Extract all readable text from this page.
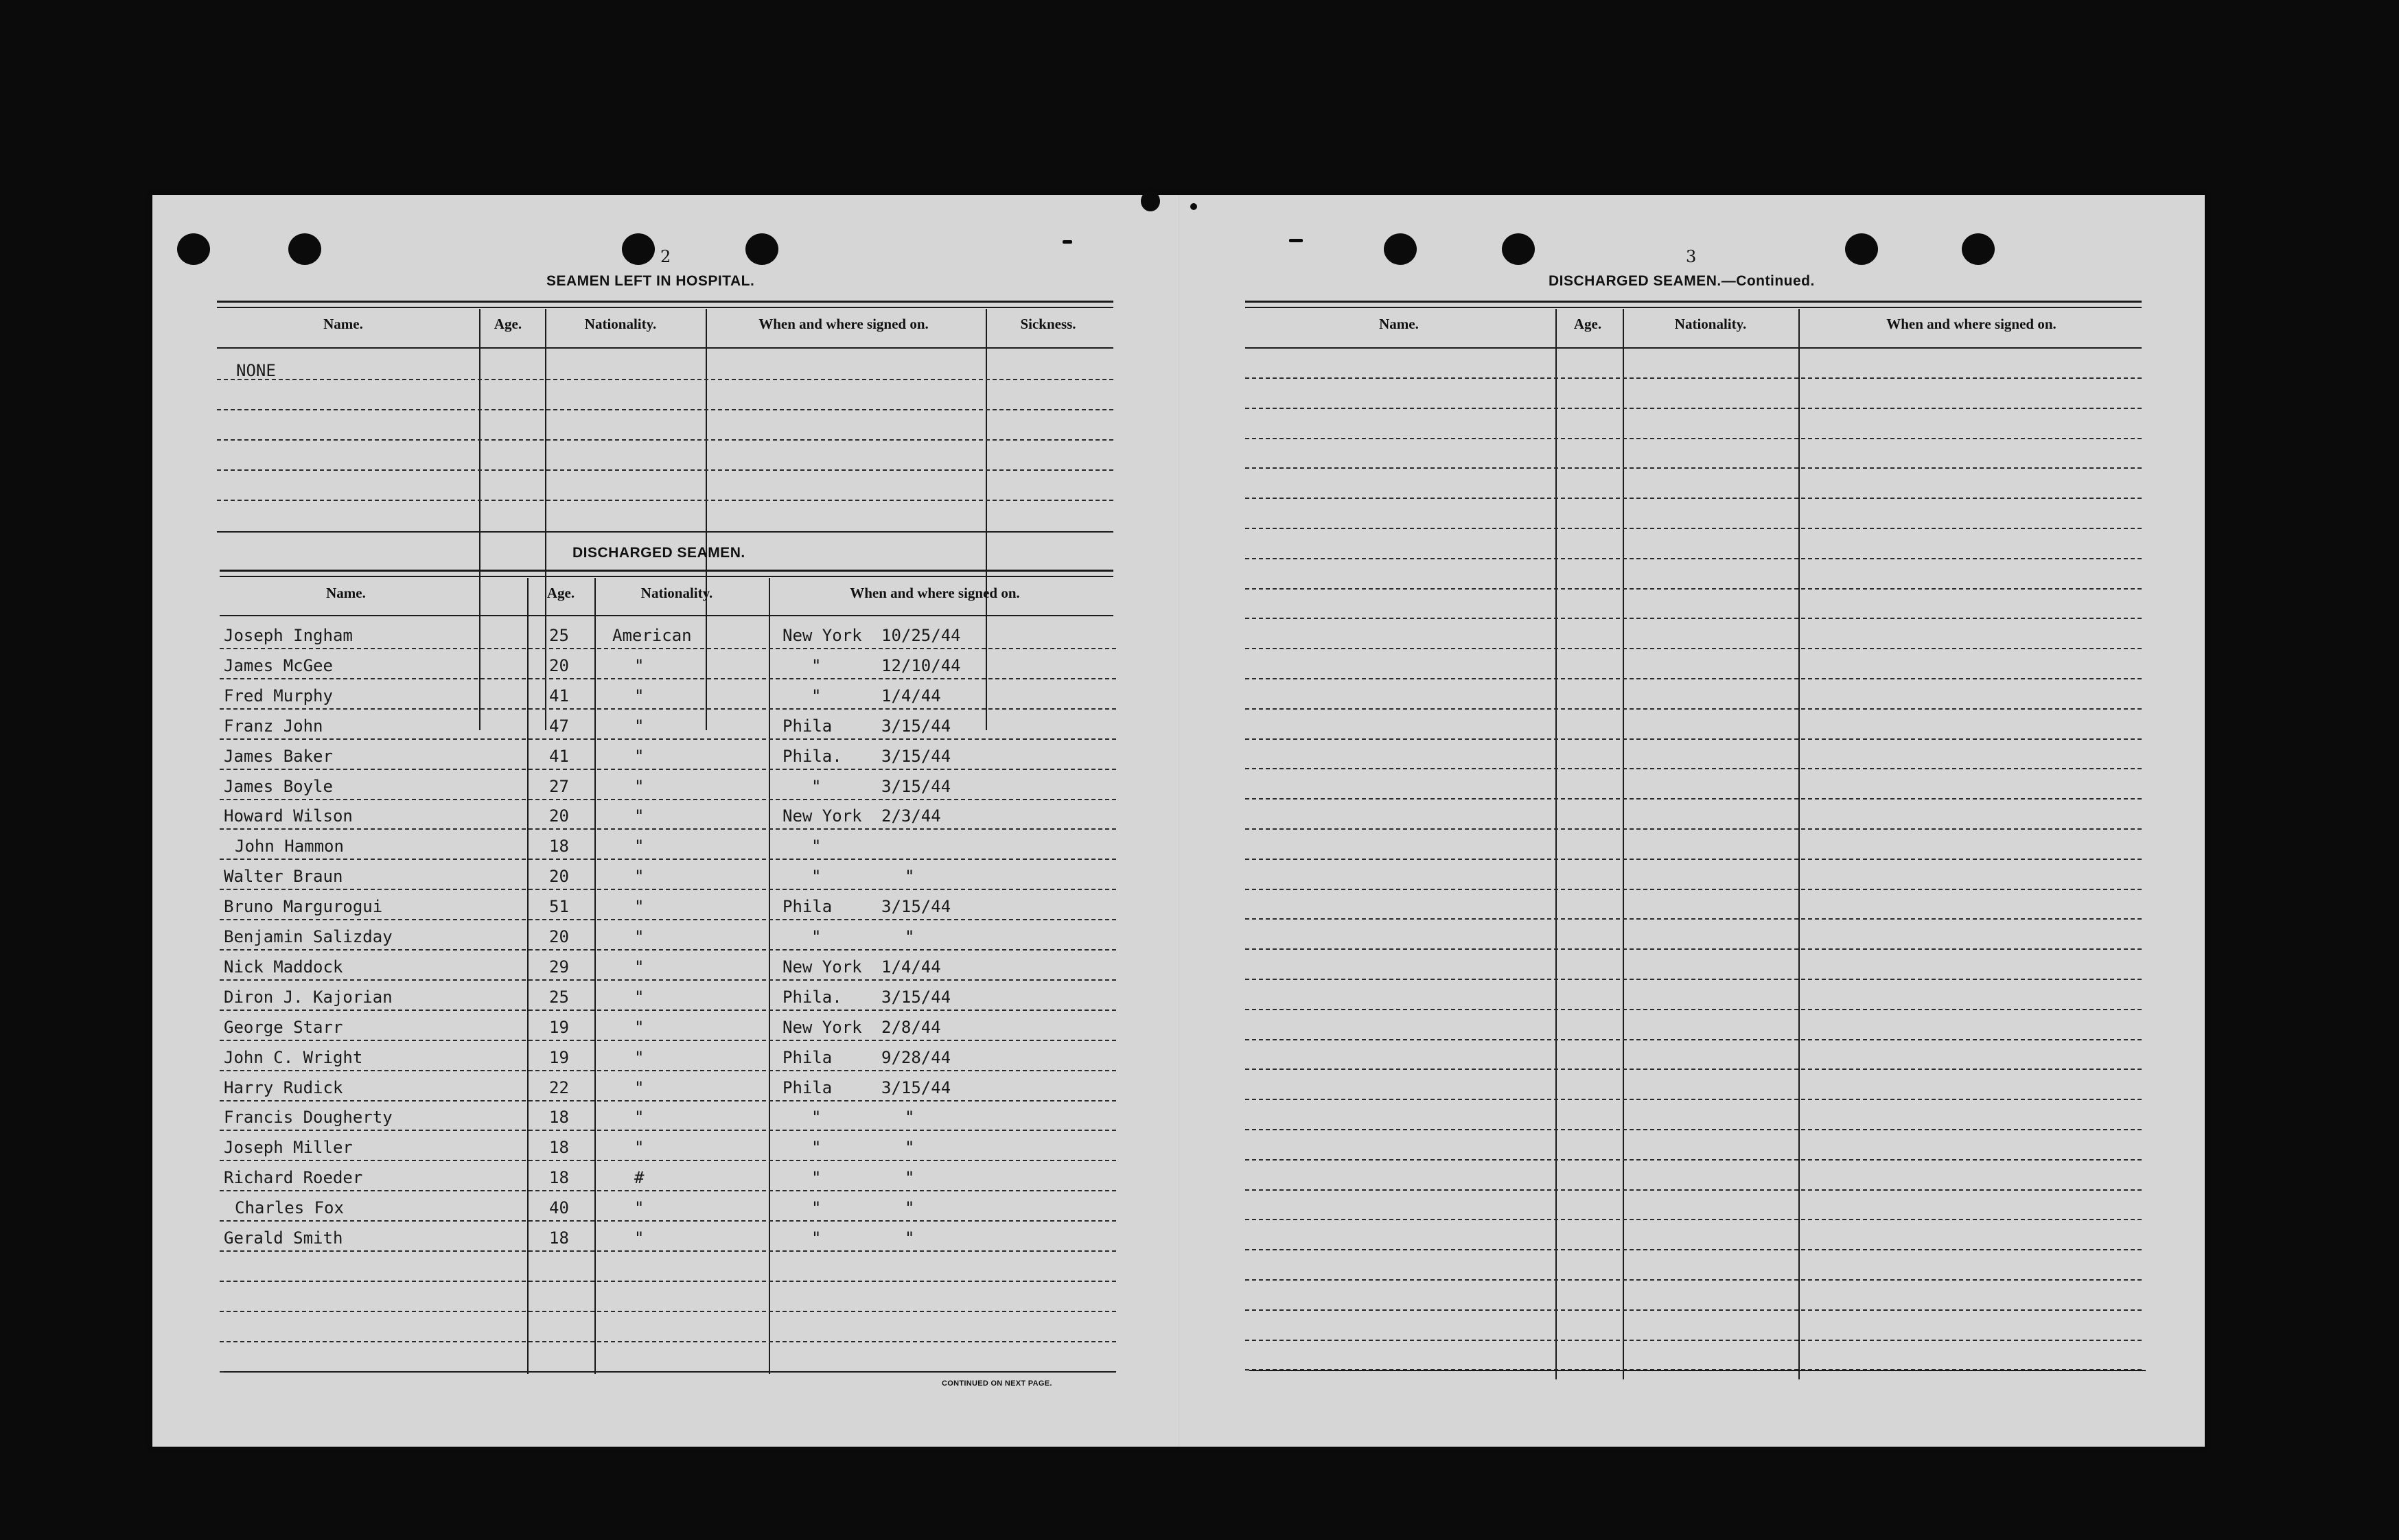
2
SEAMEN LEFT IN HOSPITAL.
Name.	Age.	Nationality.	When and where signed on.	Sickness.
NONE
DISCHARGED SEAMEN.
Name.	Age.	Nationality.	When and where signed on.
Joseph Ingham	25	American	New York 10/25/44
James McGee	20	"	"	12/10/44
Fred Murphy	41	"	"	1/4/44
Franz John	47	"	Phila	3/15/44
James Baker	41	"	Phila. 3/15/44
James Boyle	27	"	"	3/15/44
Howard Wilson	20	"	New York 2/3/44
John Hammon	18	"	"
Walter Braun	20	"	"	"
Bruno Margurogui	51	"	Phila	3/15/44
Benjamin Salizday	20	"	"	"
Nick Maddock	29	"	New York 1/4/44
Diron J. Kajorian	25	"	Phila. 3/15/44
George Starr	19	"	New York 2/8/44
John C. Wright	19	"	Phila	9/28/44
Harry Rudick	22	"	Phila	3/15/44
Francis Dougherty	18	"	"	"
Joseph Miller	18	"	"	"
Richard Roeder	18	#	"	"
Charles Fox	40	"	"	"
Gerald Smith	18	"	"	"
CONTINUED ON NEXT PAGE.
3
DISCHARGED SEAMEN.—Continued.
Name.	Age.	Nationality.	When and where signed on.
